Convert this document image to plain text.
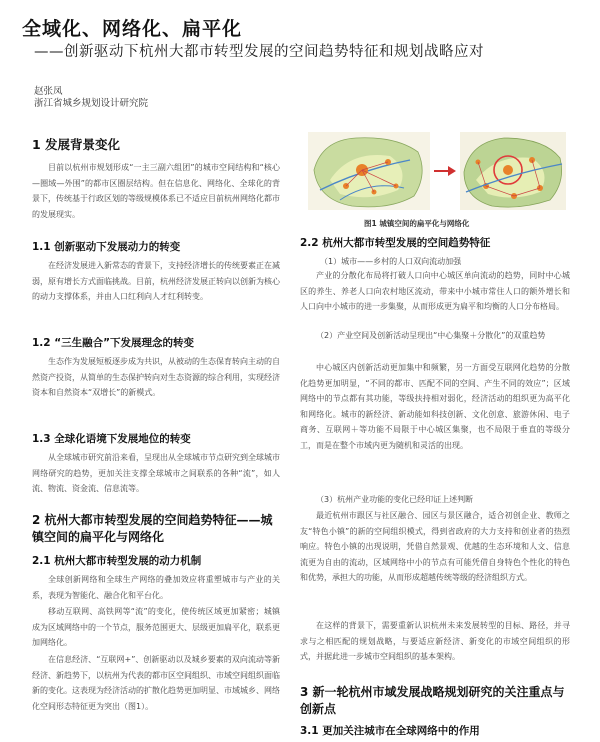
全域化、网络化、扁平化
——创新驱动下杭州大都市转型发展的空间趋势特征和规划战略应对
赵张凤
浙江省城乡规划设计研究院
1 发展背景变化
目前以杭州市规划形成“一主三副六组团”的城市空间结构和“核心—圈域—外围”的都市区圈层结构。但在信息化、网络化、全球化的背景下，传统基于行政区划的等级规模体系已不适应目前杭州网络化都市的发展现实。
1.1 创新驱动下发展动力的转变
在经济发展进入新常态的背景下，支持经济增长的传统要素正在减弱，原有增长方式面临挑战。目前，杭州经济发展正转向以创新为核心的动力支撑体系，并由人口红利向人才红利转变。
1.2 “三生融合”下发展理念的转变
生态作为发展短板逐步成为共识，从被动的生态保育转向主动的自然资产投资，从简单的生态保护转向对生态资源的综合利用，实现经济资本和自然资本“双增长”的新模式。
1.3 全球化语境下发展地位的转变
从全球城市研究前沿来看，呈现出从全球城市节点研究到全球城市网络研究的趋势，更加关注支撑全球城市之间联系的各种“流”，如人流、物流、资金流、信息流等。
2 杭州大都市转型发展的空间趋势特征——城镇空间的扁平化与网络化
2.1 杭州大都市转型发展的动力机制
全球创新网络和全球生产网络的叠加效应将重塑城市与产业的关系，表现为智能化、融合化和平台化。
移动互联网、高铁网等“流”的变化，使传统区域更加紧密；城镇成为区域网络中的一个节点，服务范围更大、层级更加扁平化，联系更加网络化。
在信息经济、“互联网+”、创新驱动以及城乡要素的双向流动等新经济、新趋势下，以杭州为代表的都市区空间组织、市域空间组织面临新的变化。这表现为经济活动的扩散化趋势更加明显、市域城乡、网络化空间形态特征更为突出（图1）。
图1 城镇空间的扁平化与网络化
2.2 杭州大都市转型发展的空间趋势特征
（1）城市——乡村的人口双向流动加强
产业的分散化布局将打破人口向中心城区单向流动的趋势，同时中心城区的养生、养老人口向农村地区流动，带来中小城市常住人口的额外增长和人口向中小城市的进一步集聚，从而形成更为扁平和均衡的人口分布格局。
（2）产业空间及创新活动呈现出“中心集聚＋分散化”的双重趋势
中心城区内创新活动更加集中和频繁，另一方面受互联网化趋势的分散化趋势更加明显，“不同的都市、匹配不同的空间、产生不同的效应”；区域网络中的节点都有其功能，等级扶持相对弱化，经济活动的组织更为高平化和网络化。城市的新经济、新动能如科技创新、文化创意、旅游休闲、电子商务、互联网＋等功能不局限于中心城区集聚，也不局限于垂直的等级分工，而是在整个市域内更为随机和灵活的出现。
（3）杭州产业功能的变化已经印证上述判断
最近杭州市跟区与社区融合、园区与景区融合，适合初创企业、教师之友“特色小镇”的新的空间组织模式，得到省政府的大力支持和创业者的热烈响应。特色小镇的出现说明，凭借自然景观、优越的生态环境和人文、信息流更为自由的流动，区域网络中小的节点有可能凭借自身特色个性化的特色和优势，承担大的功能，从而形成超越传统等级的经济组织方式。
在这样的背景下，需要重新认识杭州未来发展转型的目标、路径，并寻求与之相匹配的规划战略，与要适应新经济、新变化的市域空间组织的形式，并据此进一步城市空间组织的基本架构。
3 新一轮杭州市域发展战略规划研究的关注重点与创新点
3.1 更加关注城市在全球网络中的作用
